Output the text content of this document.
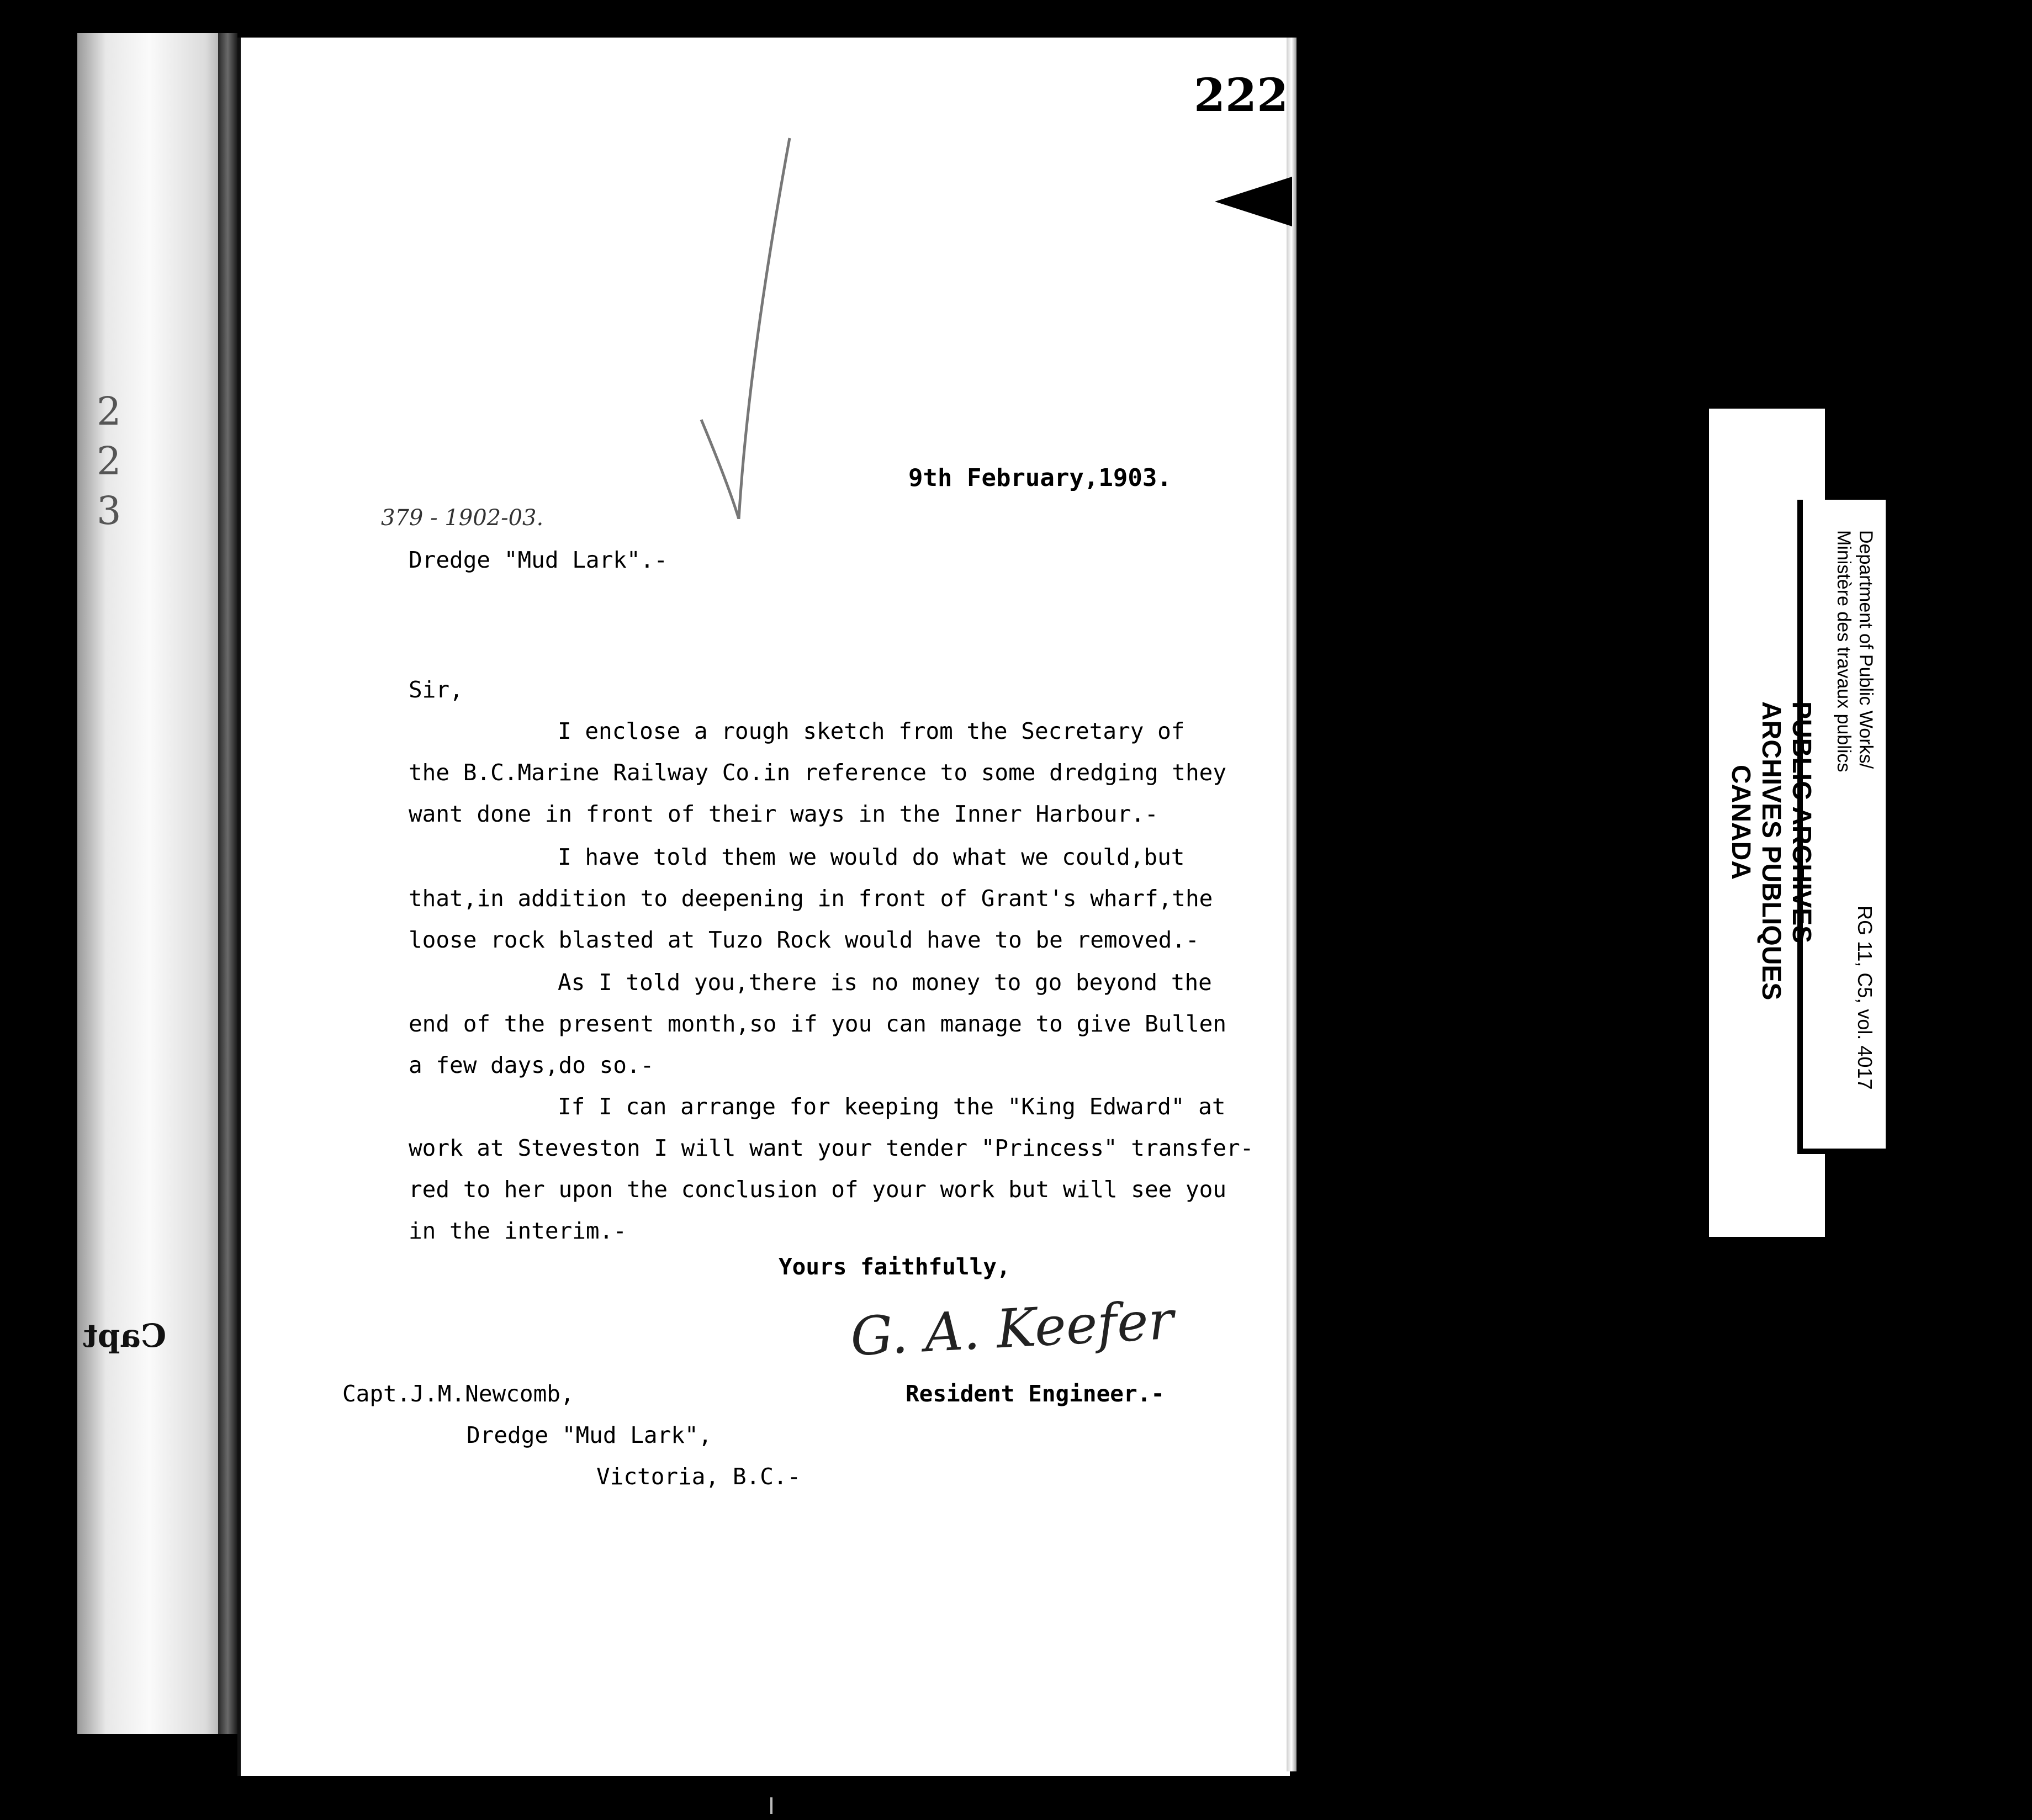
2
2
3
Capt
222
9th February,1903.
379 - 1902-03.
Dredge "Mud Lark".-
Sir,
I enclose a rough sketch from the Secretary of
the B.C.Marine Railway Co.in reference to some dredging they
want done in front of their ways in the Inner Harbour.-
I have told them we would do what we could,but
that,in addition to deepening in front of Grant's wharf,the
loose rock blasted at Tuzo Rock would have to be removed.-
As I told you,there is no money to go beyond the
end of the present month,so if you can manage to give Bullen
a few days,do so.-
If I can arrange for keeping the "King Edward" at
work at Steveston I will want your tender "Princess" transfer-
red to her upon the conclusion of your work but will see you
in the interim.-
Yours faithfully,
G. A. Keefer
Resident Engineer.-
Capt.J.M.Newcomb,
Dredge "Mud Lark",
Victoria, B.C.-
PUBLIC ARCHIVES
ARCHIVES PUBLIQUES
CANADA
Department of Public Works/
Ministère des travaux publics
RG 11, C5, vol. 4017
